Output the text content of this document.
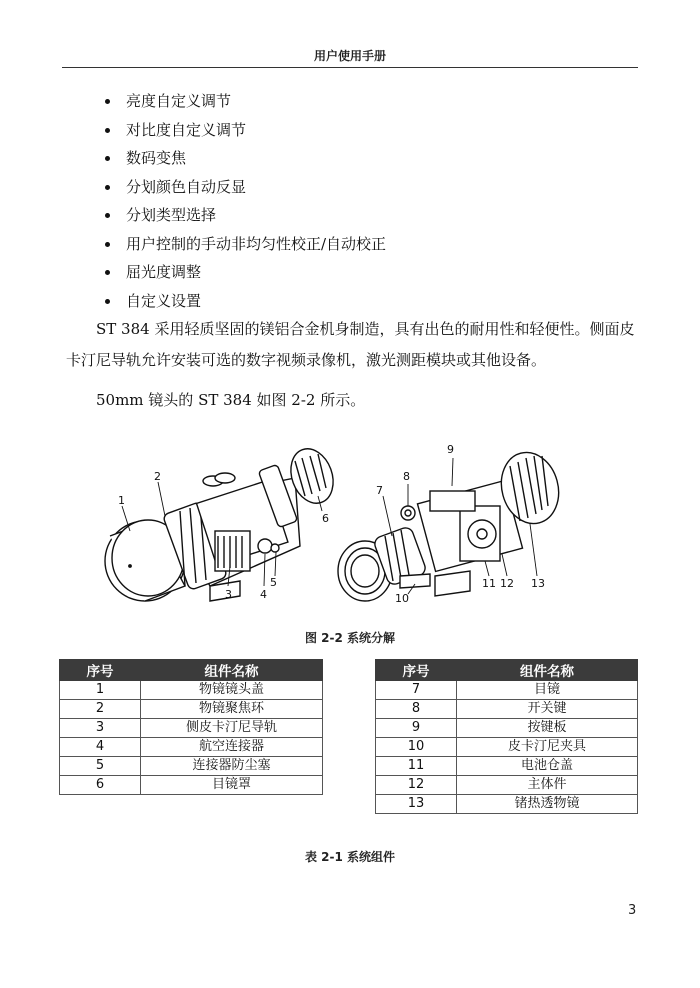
用户使用手册
亮度自定义调节
对比度自定义调节
数码变焦
分划颜色自动反显
分划类型选择
用户控制的手动非均匀性校正/自动校正
屈光度调整
自定义设置

ST 384 采用轻质坚固的镁铝合金机身制造，具有出色的耐用性和轻便性。侧面皮卡汀尼导轨允许安装可选的数字视频录像机，激光测距模块或其他设备。

50mm 镜头的 ST 384 如图 2-2 所示。

1
2
3	4
5
6
7
8
9
10
11 12 13
图 2-2 系统分解
序号	组件名称
1	物镜镜头盖
2	物镜聚焦环
3	侧皮卡汀尼导轨
4	航空连接器
5	连接器防尘塞
6	目镜罩
序号	组件名称
7	目镜
8	开关键
9	按键板
10	皮卡汀尼夹具
11	电池仓盖
12	主体件
13	锗热透物镜
表 2-1 系统组件
3
